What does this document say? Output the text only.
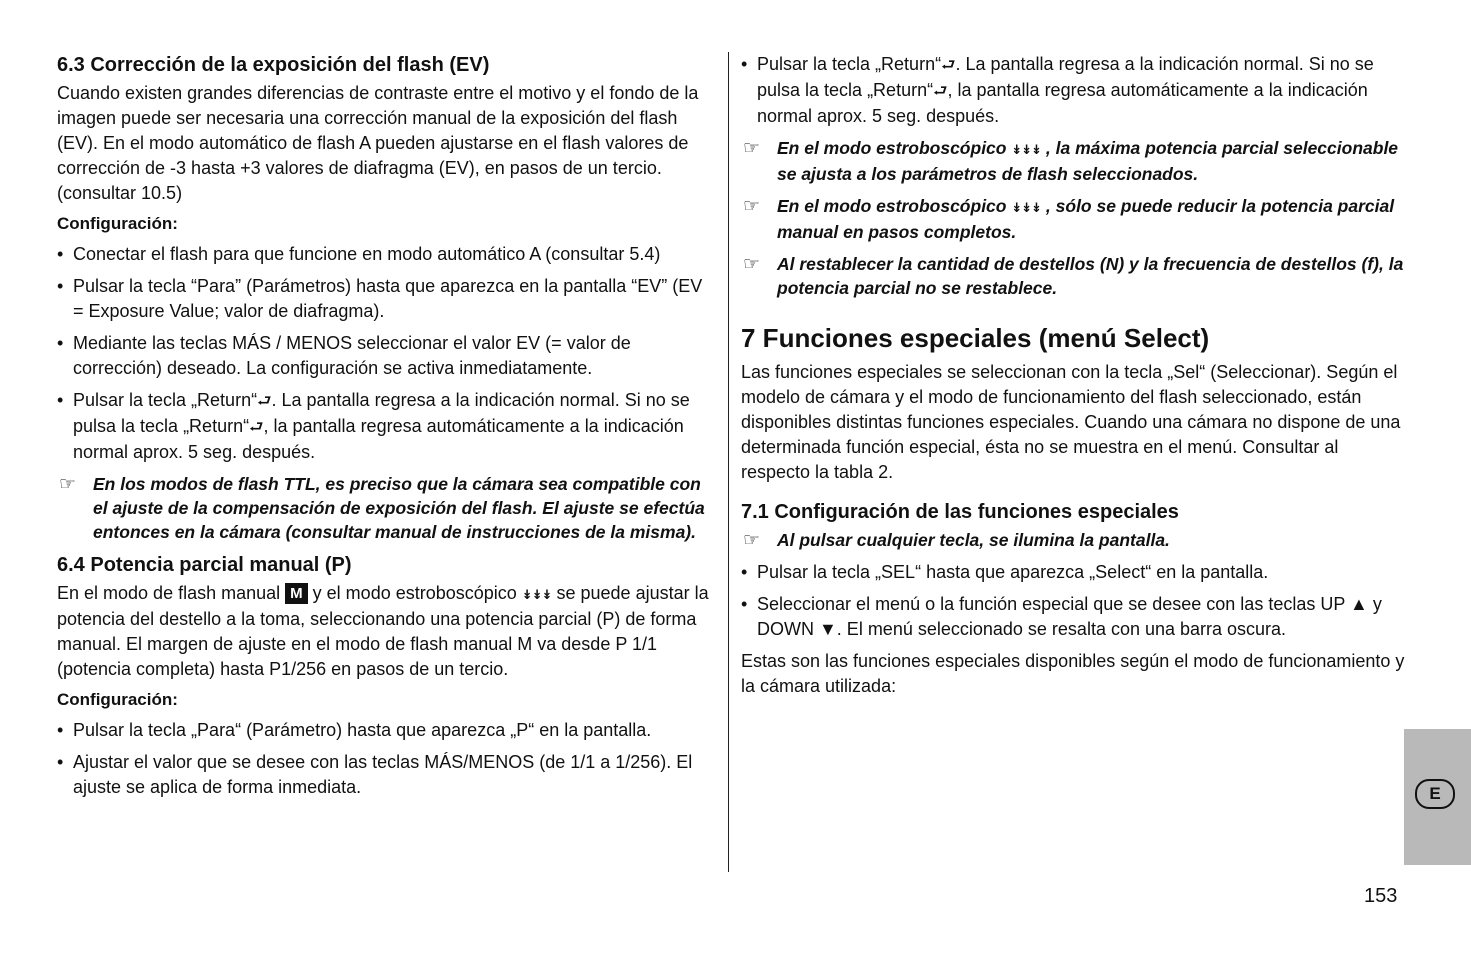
6.3 Corrección de la exposición del flash (EV)

Cuando existen grandes diferencias de contraste entre el motivo y el fondo de la imagen puede ser necesaria una corrección manual de la exposición del flash (EV). En el modo automático de flash A pueden ajustarse en el flash valores de corrección de -3 hasta +3 valores de diafragma (EV), en pasos de un tercio. (consultar 10.5)

Configuración:
• Conectar el flash para que funcione en modo automático A (consultar 5.4)
• Pulsar la tecla “Para” (Parámetros) hasta que aparezca en la pantalla “EV” (EV = Exposure Value; valor de diafragma).
• Mediante las teclas MÁS / MENOS seleccionar el valor EV (= valor de corrección) deseado. La configuración se activa inmediatamente.
• Pulsar la tecla „Return“⮐. La pantalla regresa a la indicación normal. Si no se pulsa la tecla „Return“⮐, la pantalla regresa automáticamente a la indicación normal aprox. 5 seg. después.
☞ En los modos de flash TTL, es preciso que la cámara sea compatible con el ajuste de la compensación de exposición del flash. El ajuste se efectúa entonces en la cámara (consultar manual de instrucciones de la misma).
6.4 Potencia parcial manual (P)

En el modo de flash manual M y el modo estroboscópico ↡↡↡ se puede ajustar la potencia del destello a la toma, seleccionando una potencia parcial (P) de forma manual. El margen de ajuste en el modo de flash manual M va desde P 1/1 (potencia completa) hasta P1/256 en pasos de un tercio.

Configuración:
• Pulsar la tecla „Para“ (Parámetro) hasta que aparezca „P“ en la pantalla.
• Ajustar el valor que se desee con las teclas MÁS/MENOS (de 1/1 a 1/256). El ajuste se aplica de forma inmediata.
• Pulsar la tecla „Return“⮐. La pantalla regresa a la indicación normal. Si no se pulsa la tecla „Return“⮐, la pantalla regresa automáticamente a la indicación normal aprox. 5 seg. después.
☞ En el modo estroboscópico ↡↡↡ , la máxima potencia parcial seleccionable se ajusta a los parámetros de flash seleccionados.
☞ En el modo estroboscópico ↡↡↡ , sólo se puede reducir la potencia parcial manual en pasos completos.
☞ Al restablecer la cantidad de destellos (N) y la frecuencia de destellos (f), la potencia parcial no se restablece.
7 Funciones especiales (menú Select)

Las funciones especiales se seleccionan con la tecla „Sel“ (Seleccionar). Según el modelo de cámara y el modo de funcionamiento del flash seleccionado, están disponibles distintas funciones especiales. Cuando una cámara no dispone de una determinada función especial, ésta no se muestra en el menú. Consultar al respecto la tabla 2.

7.1 Configuración de las funciones especiales
☞ Al pulsar cualquier tecla, se ilumina la pantalla.
• Pulsar la tecla „SEL“ hasta que aparezca „Select“ en la pantalla.
• Seleccionar el menú o la función especial que se desee con las teclas UP ▲ y DOWN ▼. El menú seleccionado se resalta con una barra oscura.

Estas son las funciones especiales disponibles según el modo de funcionamiento y la cámara utilizada:

E
153
